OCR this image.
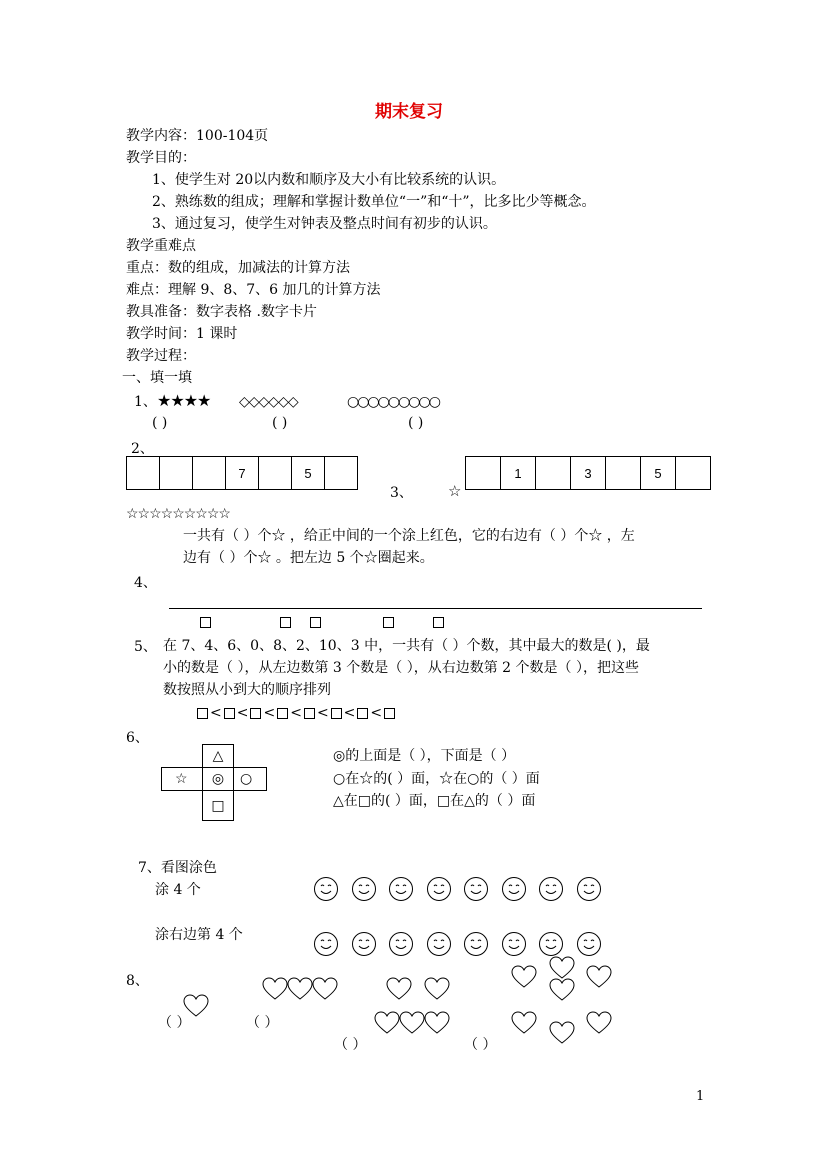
期末复习
教学内容：100-104页
教学目的：
1、使学生对 20以内数和顺序及大小有比较系统的认识。
2、熟练数的组成；理解和掌握计数单位“一”和“十”，比多比少等概念。
3、通过复习，使学生对钟表及整点时间有初步的认识。
教学重难点
重点：数的组成，加减法的计算方法
难点：理解 9、8、7、6 加几的计算方法
教具准备：数字表格 .数字卡片
教学时间：1 课时
教学过程：
一、填一填
1、 ★★★★ ◇◇◇◇◇◇	○○○○○○○○○
( )	( )	( )
2、
7	5
3、 ☆
1	3	5
☆☆☆☆☆☆☆☆☆
一共有（ ）个☆ ，给正中间的一个涂上红色，它的右边有（ ）个☆ ，左
边有（ ）个☆ 。把左边 5 个☆圈起来。
4、
5、 在 7、4、6、0、8、2、10、3 中，一共有（ ）个数，其中最大的数是( )，最
小的数是（ ），从左边数第 3 个数是（ ），从右边数第 2 个数是（ ），把这些
数按照从小到大的顺序排列
< < < < < < <
6、
△
◎
☆	○
□
◎的上面是（ ），下面是（ ）
○在☆的( ）面，☆在○的（ ）面
△在□的( ）面，□在△的（ ）面
7、看图涂色
涂 4 个
涂右边第 4 个
8、
（ ）	（ ）
（ ）	（ ）
1
